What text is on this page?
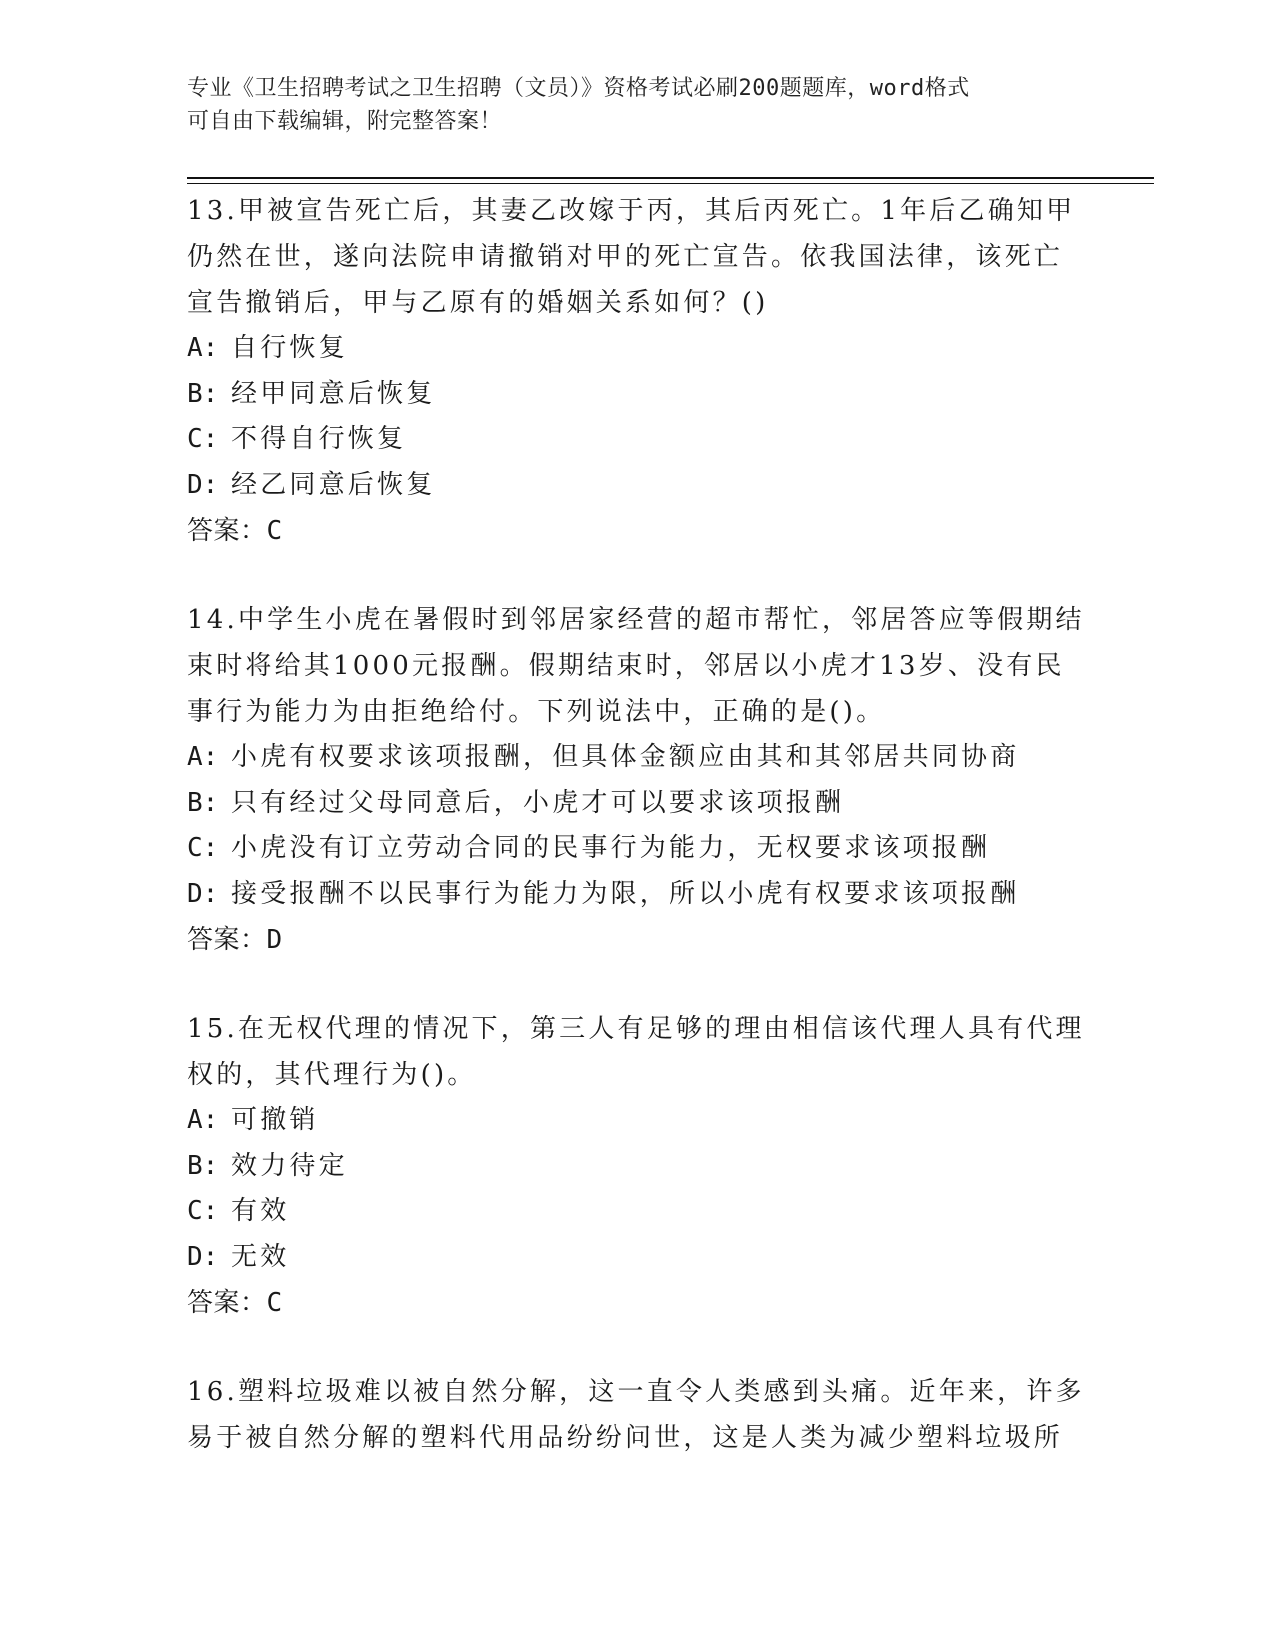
专业《卫生招聘考试之卫生招聘（文员）》资格考试必刷200题题库，word格式
可自由下载编辑，附完整答案！

13.甲被宣告死亡后，其妻乙改嫁于丙，其后丙死亡。1年后乙确知甲仍然在世，遂向法院申请撤销对甲的死亡宣告。依我国法律，该死亡宣告撤销后，甲与乙原有的婚姻关系如何？()

A: 自行恢复
B: 经甲同意后恢复
C: 不得自行恢复
D: 经乙同意后恢复
答案：C

14.中学生小虎在暑假时到邻居家经营的超市帮忙，邻居答应等假期结束时将给其1000元报酬。假期结束时，邻居以小虎才13岁、没有民事行为能力为由拒绝给付。下列说法中，正确的是()。

A: 小虎有权要求该项报酬，但具体金额应由其和其邻居共同协商
B: 只有经过父母同意后，小虎才可以要求该项报酬
C: 小虎没有订立劳动合同的民事行为能力，无权要求该项报酬
D: 接受报酬不以民事行为能力为限，所以小虎有权要求该项报酬
答案：D

15.在无权代理的情况下，第三人有足够的理由相信该代理人具有代理权的，其代理行为()。

A: 可撤销
B: 效力待定
C: 有效
D: 无效
答案：C

16.塑料垃圾难以被自然分解，这一直令人类感到头痛。近年来，许多易于被自然分解的塑料代用品纷纷问世，这是人类为减少塑料垃圾所
